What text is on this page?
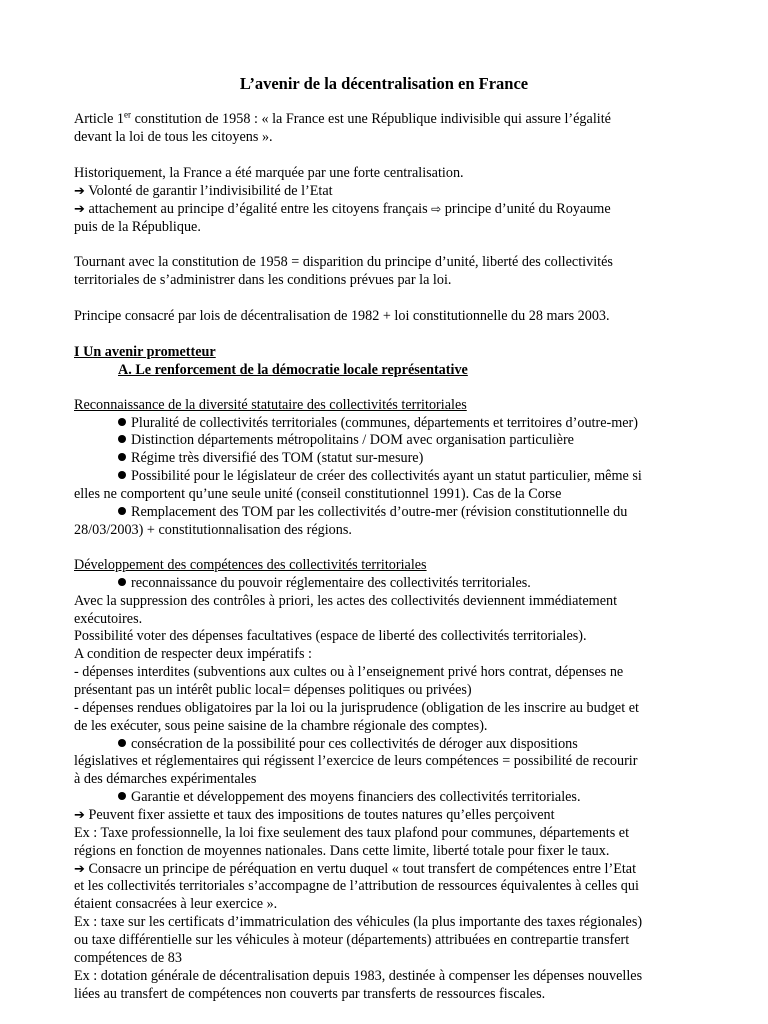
L’avenir de la décentralisation en France
Article 1er constitution de 1958 : « la France est une République indivisible qui assure l’égalité
devant la loi de tous les citoyens ».
Historiquement, la France a été marquée par une forte centralisation.
➔ Volonté de garantir l’indivisibilité de l’Etat
➔ attachement au principe d’égalité entre les citoyens français ⇨ principe d’unité du Royaume
puis de la République.
Tournant avec la constitution de 1958 = disparition du principe d’unité, liberté des collectivités
territoriales de s’administrer dans les conditions prévues par la loi.
Principe consacré par lois de décentralisation de 1982 + loi constitutionnelle du 28 mars 2003.
I Un avenir prometteur
A. Le renforcement de la démocratie locale représentative
Reconnaissance de la diversité statutaire des collectivités territoriales
Pluralité de collectivités territoriales (communes, départements et territoires d’outre-mer)
Distinction départements métropolitains / DOM avec organisation particulière
Régime très diversifié des TOM (statut sur-mesure)
Possibilité pour le législateur de créer des collectivités ayant un statut particulier, même si
elles ne comportent qu’une seule unité (conseil constitutionnel 1991). Cas de la Corse
Remplacement des TOM par les collectivités d’outre-mer (révision constitutionnelle du
28/03/2003) + constitutionnalisation des régions.
Développement des compétences des collectivités territoriales
reconnaissance du pouvoir réglementaire des collectivités territoriales.
Avec la suppression des contrôles à priori, les actes des collectivités deviennent immédiatement
exécutoires.
Possibilité voter des dépenses facultatives (espace de liberté des collectivités territoriales).
A condition de respecter deux impératifs :
- dépenses interdites (subventions aux cultes ou à l’enseignement privé hors contrat, dépenses ne
présentant pas un intérêt public local= dépenses politiques ou privées)
- dépenses rendues obligatoires par la loi ou la jurisprudence (obligation de les inscrire au budget et
de les exécuter, sous peine saisine de la chambre régionale des comptes).
consécration de la possibilité pour ces collectivités de déroger aux dispositions
législatives et réglementaires qui régissent l’exercice de leurs compétences = possibilité de recourir
à des démarches expérimentales
Garantie et développement des moyens financiers des collectivités territoriales.
➔ Peuvent fixer assiette et taux des impositions de toutes natures qu’elles perçoivent
Ex : Taxe professionnelle, la loi fixe seulement des taux plafond pour communes, départements et
régions en fonction de moyennes nationales. Dans cette limite, liberté totale pour fixer le taux.
➔ Consacre un principe de péréquation en vertu duquel « tout transfert de compétences entre l’Etat
et les collectivités territoriales s’accompagne de l’attribution de ressources équivalentes à celles qui
étaient consacrées à leur exercice ».
Ex : taxe sur les certificats d’immatriculation des véhicules (la plus importante des taxes régionales)
ou taxe différentielle sur les véhicules à moteur (départements) attribuées en contrepartie transfert
compétences de 83
Ex : dotation générale de décentralisation depuis 1983, destinée à compenser les dépenses nouvelles
liées au transfert de compétences non couverts par transferts de ressources fiscales.
